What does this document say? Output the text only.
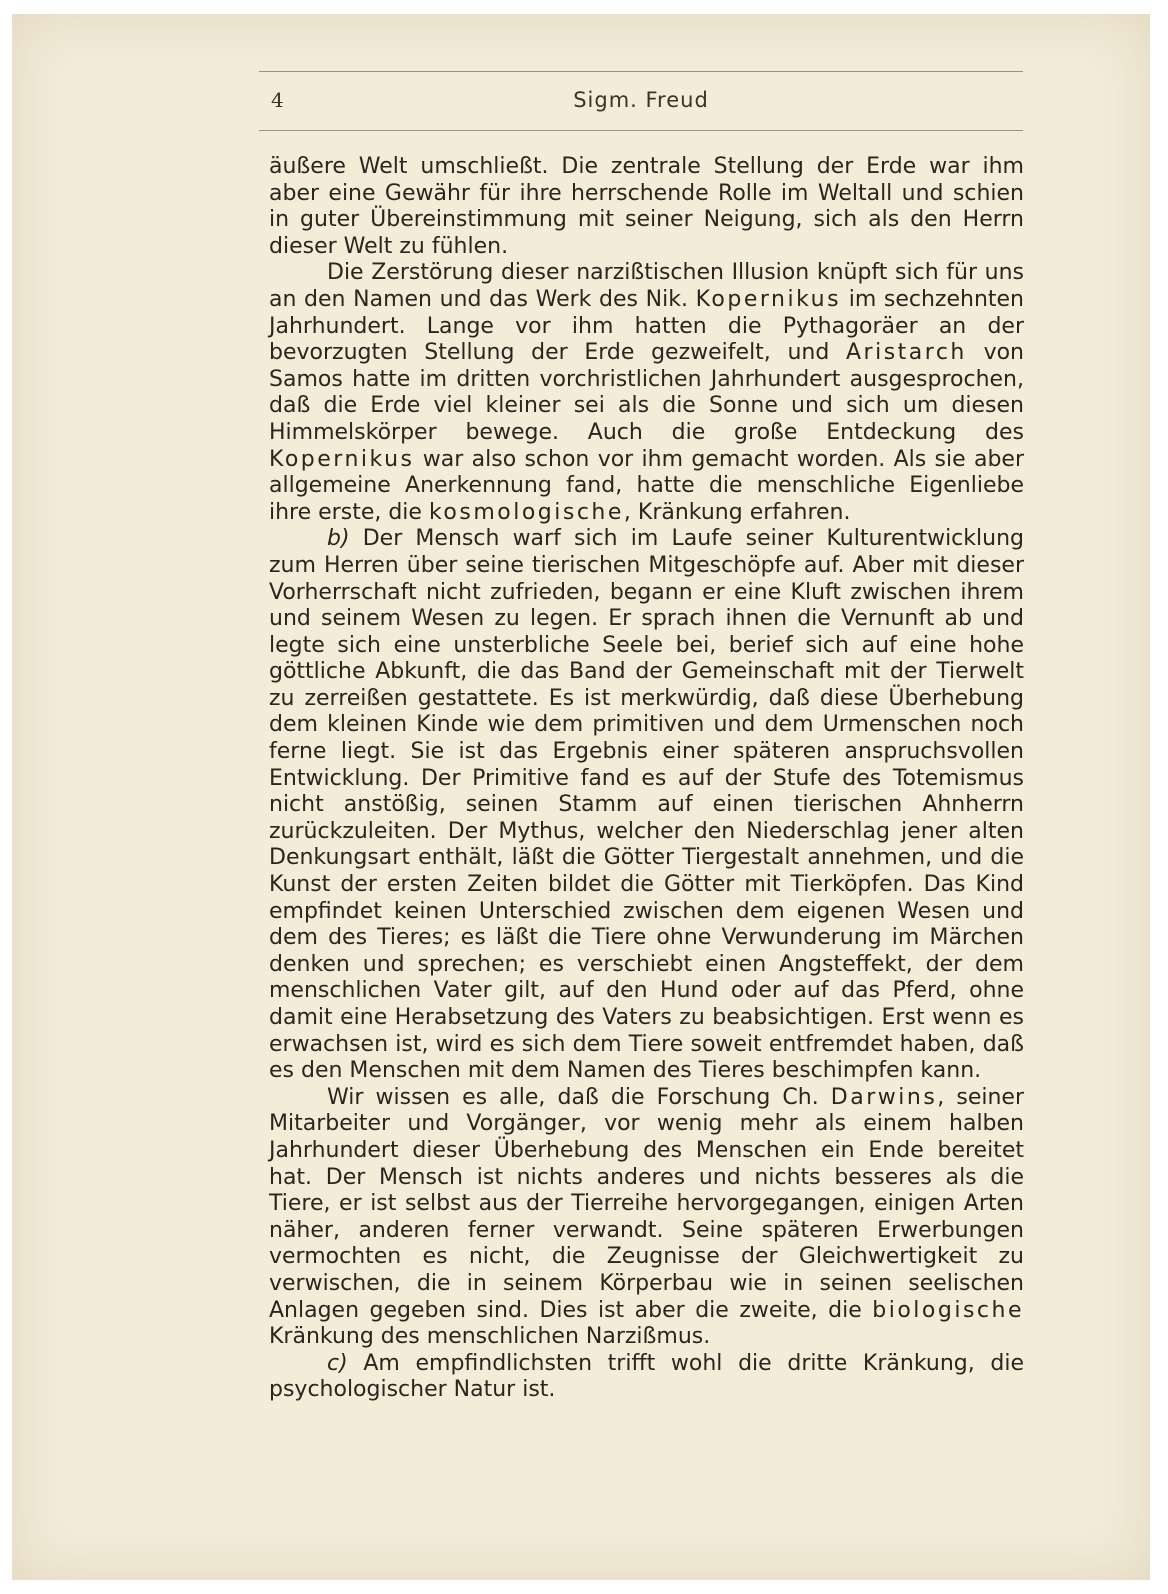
4	Sigm. Freud

äußere Welt umschließt. Die zentrale Stellung der Erde war ihm aber eine Gewähr für ihre herrschende Rolle im Weltall und schien in guter Übereinstimmung mit seiner Neigung, sich als den Herrn dieser Welt zu fühlen.

Die Zerstörung dieser narzißtischen Illusion knüpft sich für uns an den Namen und das Werk des Nik. Kopernikus im sechzehnten Jahrhundert. Lange vor ihm hatten die Pythagoräer an der bevorzugten Stellung der Erde gezweifelt, und Aristarch von Samos hatte im dritten vorchristlichen Jahrhundert ausgesprochen, daß die Erde viel kleiner sei als die Sonne und sich um diesen Himmelskörper bewege. Auch die große Entdeckung des Kopernikus war also schon vor ihm gemacht worden. Als sie aber allgemeine Anerkennung fand, hatte die menschliche Eigenliebe ihre erste, die kosmologische, Kränkung erfahren.

b) Der Mensch warf sich im Laufe seiner Kulturentwicklung zum Herren über seine tierischen Mitgeschöpfe auf. Aber mit dieser Vorherrschaft nicht zufrieden, begann er eine Kluft zwischen ihrem und seinem Wesen zu legen. Er sprach ihnen die Vernunft ab und legte sich eine unsterbliche Seele bei, berief sich auf eine hohe göttliche Abkunft, die das Band der Gemeinschaft mit der Tierwelt zu zerreißen gestattete. Es ist merkwürdig, daß diese Überhebung dem kleinen Kinde wie dem primitiven und dem Urmenschen noch ferne liegt. Sie ist das Ergebnis einer späteren anspruchsvollen Entwicklung. Der Primitive fand es auf der Stufe des Totemismus nicht anstößig, seinen Stamm auf einen tierischen Ahnherrn zurückzuleiten. Der Mythus, welcher den Niederschlag jener alten Denkungsart enthält, läßt die Götter Tiergestalt annehmen, und die Kunst der ersten Zeiten bildet die Götter mit Tierköpfen. Das Kind empfindet keinen Unterschied zwischen dem eigenen Wesen und dem des Tieres; es läßt die Tiere ohne Verwunderung im Märchen denken und sprechen; es verschiebt einen Angsteffekt, der dem menschlichen Vater gilt, auf den Hund oder auf das Pferd, ohne damit eine Herabsetzung des Vaters zu beabsichtigen. Erst wenn es erwachsen ist, wird es sich dem Tiere soweit entfremdet haben, daß es den Menschen mit dem Namen des Tieres beschimpfen kann.

Wir wissen es alle, daß die Forschung Ch. Darwins, seiner Mitarbeiter und Vorgänger, vor wenig mehr als einem halben Jahrhundert dieser Überhebung des Menschen ein Ende bereitet hat. Der Mensch ist nichts anderes und nichts besseres als die Tiere, er ist selbst aus der Tierreihe hervorgegangen, einigen Arten näher, anderen ferner verwandt. Seine späteren Erwerbungen vermochten es nicht, die Zeugnisse der Gleichwertigkeit zu verwischen, die in seinem Körperbau wie in seinen seelischen Anlagen gegeben sind. Dies ist aber die zweite, die biologische Kränkung des menschlichen Narzißmus.

c) Am empfindlichsten trifft wohl die dritte Kränkung, die psychologischer Natur ist.
